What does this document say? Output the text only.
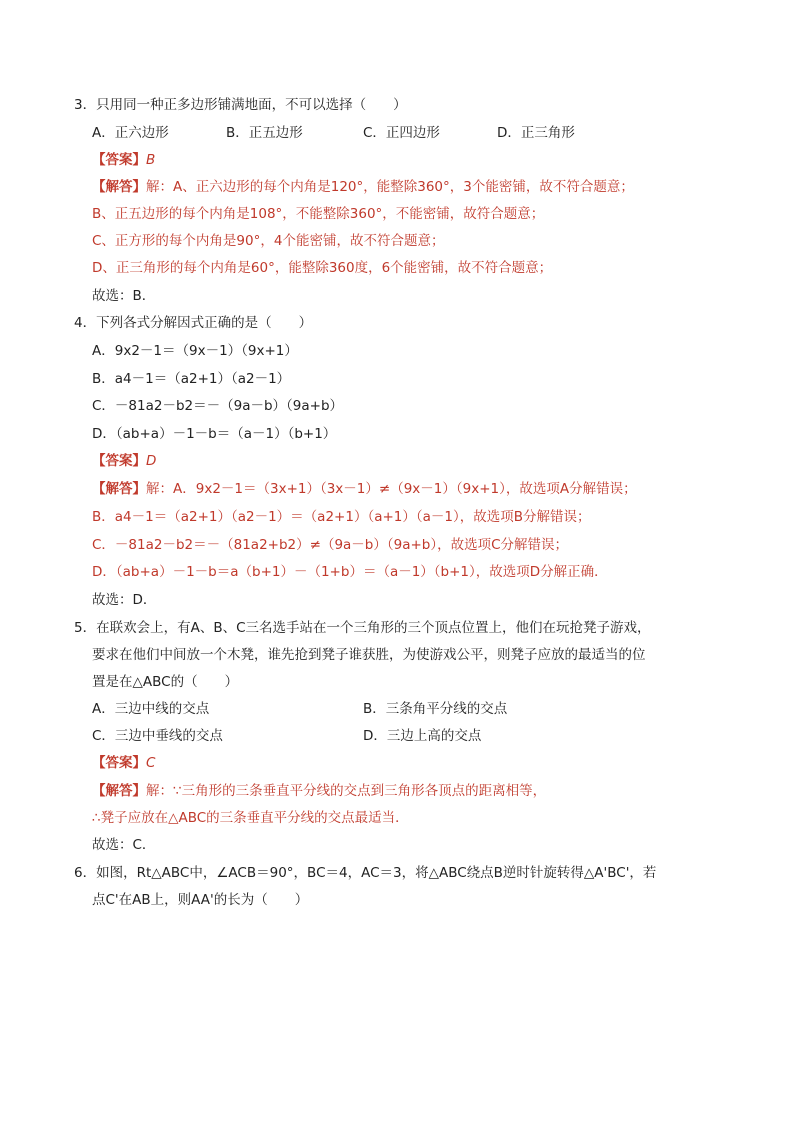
3．只用同一种正多边形铺满地面，不可以选择（　　）
A．正六边形	B．正五边形	C．正四边形	D．正三角形
【答案】B
【解答】解：A、正六边形的每个内角是120°，能整除360°，3个能密铺，故不符合题意；
B、正五边形的每个内角是108°，不能整除360°，不能密铺，故符合题意；
C、正方形的每个内角是90°，4个能密铺，故不符合题意；
D、正三角形的每个内角是60°，能整除360度，6个能密铺，故不符合题意；
故选：B．
4．下列各式分解因式正确的是（　　）
A．9x2－1＝（9x－1）（9x+1）
B．a4－1＝（a2+1）（a2－1）
C．－81a2－b2＝－（9a－b）（9a+b）
D．（ab+a）－1－b＝（a－1）（b+1）
【答案】D
【解答】解：A．9x2－1＝（3x+1）（3x－1）≠（9x－1）（9x+1），故选项A分解错误；
B．a4－1＝（a2+1）（a2－1）＝（a2+1）（a+1）（a－1），故选项B分解错误；
C．－81a2－b2＝－（81a2+b2）≠（9a－b）（9a+b），故选项C分解错误；
D．（ab+a）－1－b＝a（b+1）－（1+b）＝（a－1）（b+1），故选项D分解正确．
故选：D．
5．在联欢会上，有A、B、C三名选手站在一个三角形的三个顶点位置上，他们在玩抢凳子游戏，
要求在他们中间放一个木凳，谁先抢到凳子谁获胜，为使游戏公平，则凳子应放的最适当的位
置是在△ABC的（　　）
A．三边中线的交点	B．三条角平分线的交点
C．三边中垂线的交点	D．三边上高的交点
【答案】C
【解答】解：∵三角形的三条垂直平分线的交点到三角形各顶点的距离相等，
∴凳子应放在△ABC的三条垂直平分线的交点最适当．
故选：C．
6．如图，Rt△ABC中，∠ACB＝90°，BC＝4，AC＝3，将△ABC绕点B逆时针旋转得△A'BC'，若
点C'在AB上，则AA'的长为（　　）
